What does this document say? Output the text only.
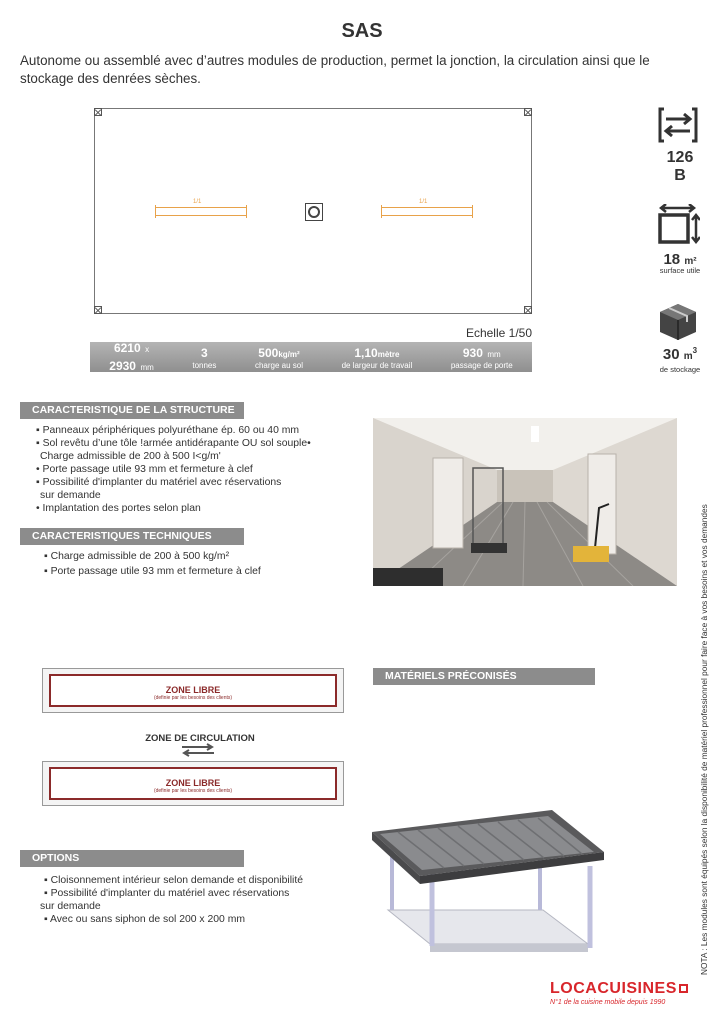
SAS
Autonome ou assemblé avec d’autres modules de production, permet la jonction, la circulation ainsi que le stockage des denrées sèches.
1/1	1/1
Echelle 1/50
6210 x
2930 mm
3
tonnes
500kg/m²
charge au sol
1,10mètre
de largeur de travail
930 mm
passage de porte
126
B
18 m²
surface utile
30 $m^3$
de stockage
CARACTERISTIQUE DE LA STRUCTURE
▪ Panneaux périphériques polyuréthane ép. 60 ou 40 mm
▪ Sol revêtu d’une tôle !armée antidérapante OU sol souple•
Charge admissible de 200 à 500 I<g/m'
• Porte passage utile 93 mm et fermeture à clef
▪ Possibilité d'implanter du matériel avec réservations
sur demande
• Implantation des portes selon plan
CARACTERISTIQUES TECHNIQUES
▪ Charge admissible de 200 à 500 kg/m²
▪ Porte passage utile 93 mm et fermeture à clef
ZONE LIBRE
(definie par les besoins des clients)
ZONE DE CIRCULATION
ZONE LIBRE
(definie par les besoins des clients)
MATÉRIELS PRÉCONISÉS
OPTIONS
▪ Cloisonnement intérieur selon demande et disponibilité
▪ Possibilité d'implanter du matériel avec réservations
sur demande
▪ Avec ou sans siphon de sol 200 x 200 mm	NOTA : Les modules sont équipés selon la disponibilité de matériel professionnel pour faire face à vos besoins et vos demandes
LOCACUISINES
N°1 de la cuisine mobile depuis 1990
